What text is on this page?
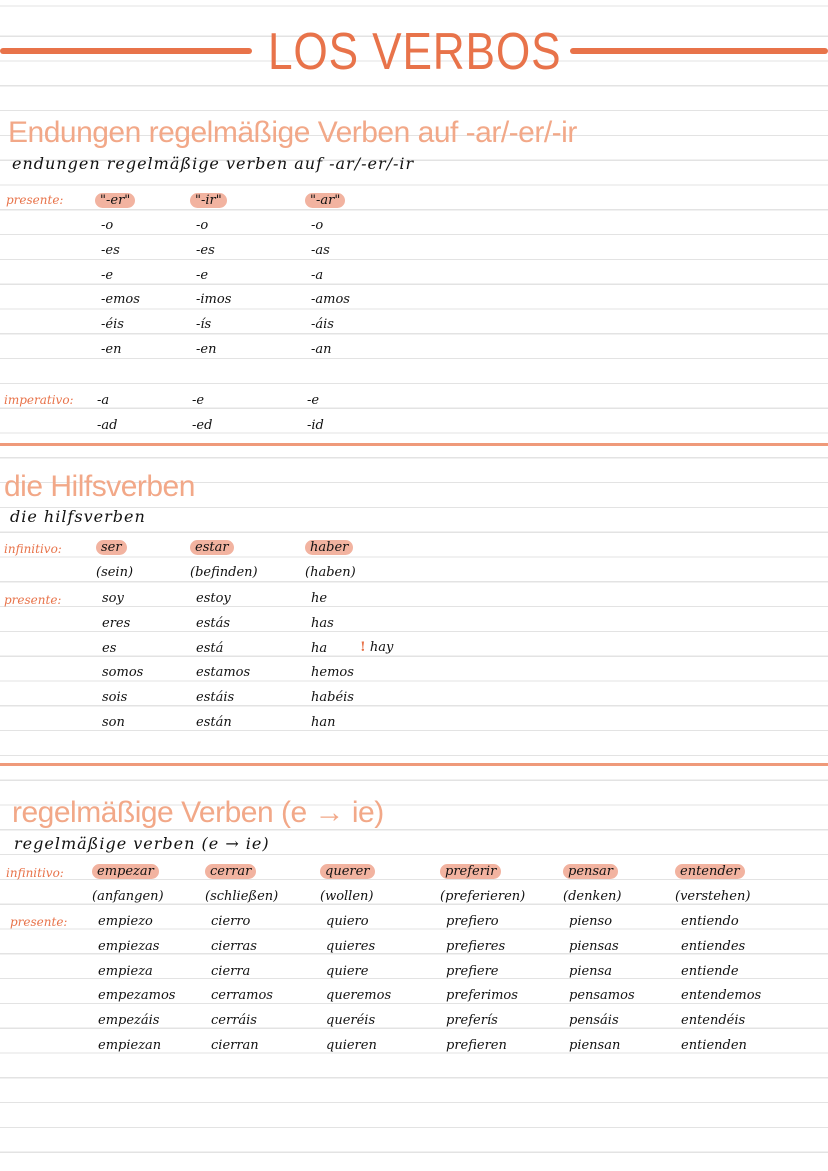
LOS VERBOS
Endungen regelmäßige Verben auf -ar/-er/-ir
endungen regelmäßige verben auf -ar/-er/-ir
presente:
imperativo:
die Hilfsverben
die hilfsverben
infinitivo:
presente:
! hay
regelmäßige Verben (e → ie)
regelmäßige verben (e → ie)
infinitivo:
presente:
"-er"
-o
-es
-e
-emos
-éis
-en
-a
-ad
"-ir"
-o
-es
-e
-imos
-ís
-en
-e
-ed
"-ar"
-o
-as
-a
-amos
-áis
-an
-e
-id
ser
(sein)
soy
eres
es
somos
sois
son
estar
(befinden)
estoy
estás
está
estamos
estáis
están
haber
(haben)
he
has
ha
hemos
habéis
han
empezar
(anfangen)
empiezo
empiezas
empieza
empezamos
empezáis
empiezan
cerrar
(schließen)
cierro
cierras
cierra
cerramos
cerráis
cierran
querer
(wollen)
quiero
quieres
quiere
queremos
queréis
quieren
preferir
(preferieren)
prefiero
prefieres
prefiere
preferimos
preferís
prefieren
pensar
(denken)
pienso
piensas
piensa
pensamos
pensáis
piensan
entender
(verstehen)
entiendo
entiendes
entiende
entendemos
entendéis
entienden
